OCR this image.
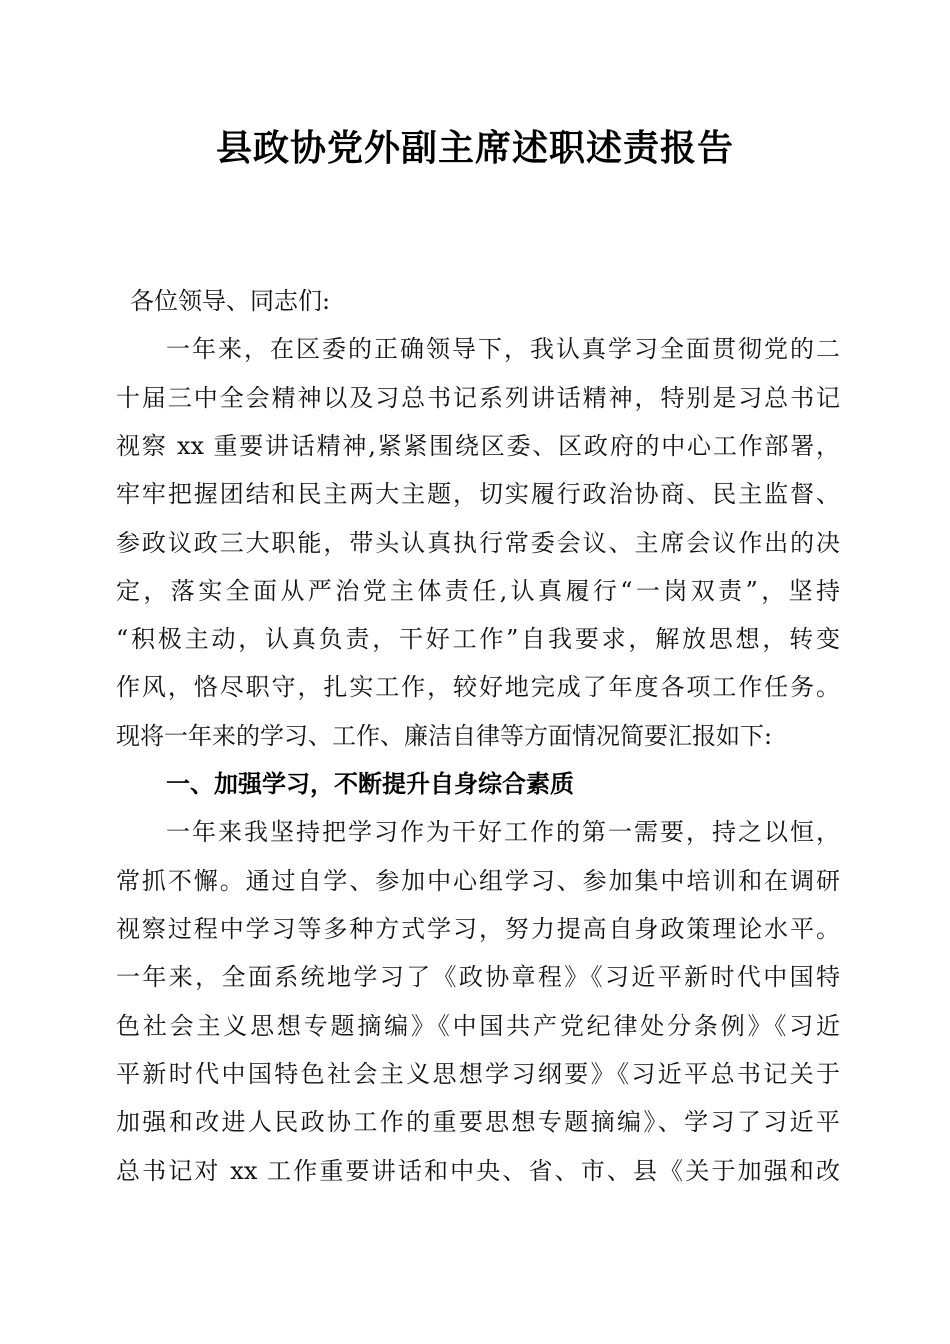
县政协党外副主席述职述责报告
各位领导、同志们:
一年来，在区委的正确领导下，我认真学习全面贯彻党的二
十届三中全会精神以及习总书记系列讲话精神，特别是习总书记
视察 xx 重要讲话精神,紧紧围绕区委、区政府的中心工作部署，
牢牢把握团结和民主两大主题，切实履行政治协商、民主监督、
参政议政三大职能，带头认真执行常委会议、主席会议作出的决
定，落实全面从严治党主体责任,认真履行“一岗双责”，坚持
“积极主动，认真负责，干好工作”自我要求，解放思想，转变
作风，恪尽职守，扎实工作，较好地完成了年度各项工作任务。
现将一年来的学习、工作、廉洁自律等方面情况简要汇报如下:
一、加强学习，不断提升自身综合素质
一年来我坚持把学习作为干好工作的第一需要，持之以恒，
常抓不懈。通过自学、参加中心组学习、参加集中培训和在调研
视察过程中学习等多种方式学习，努力提高自身政策理论水平。
一年来，全面系统地学习了《政协章程》《习近平新时代中国特
色社会主义思想专题摘编》《中国共产党纪律处分条例》《习近
平新时代中国特色社会主义思想学习纲要》《习近平总书记关于
加强和改进人民政协工作的重要思想专题摘编》、学习了习近平
总书记对 xx 工作重要讲话和中央、省、市、县《关于加强和改
